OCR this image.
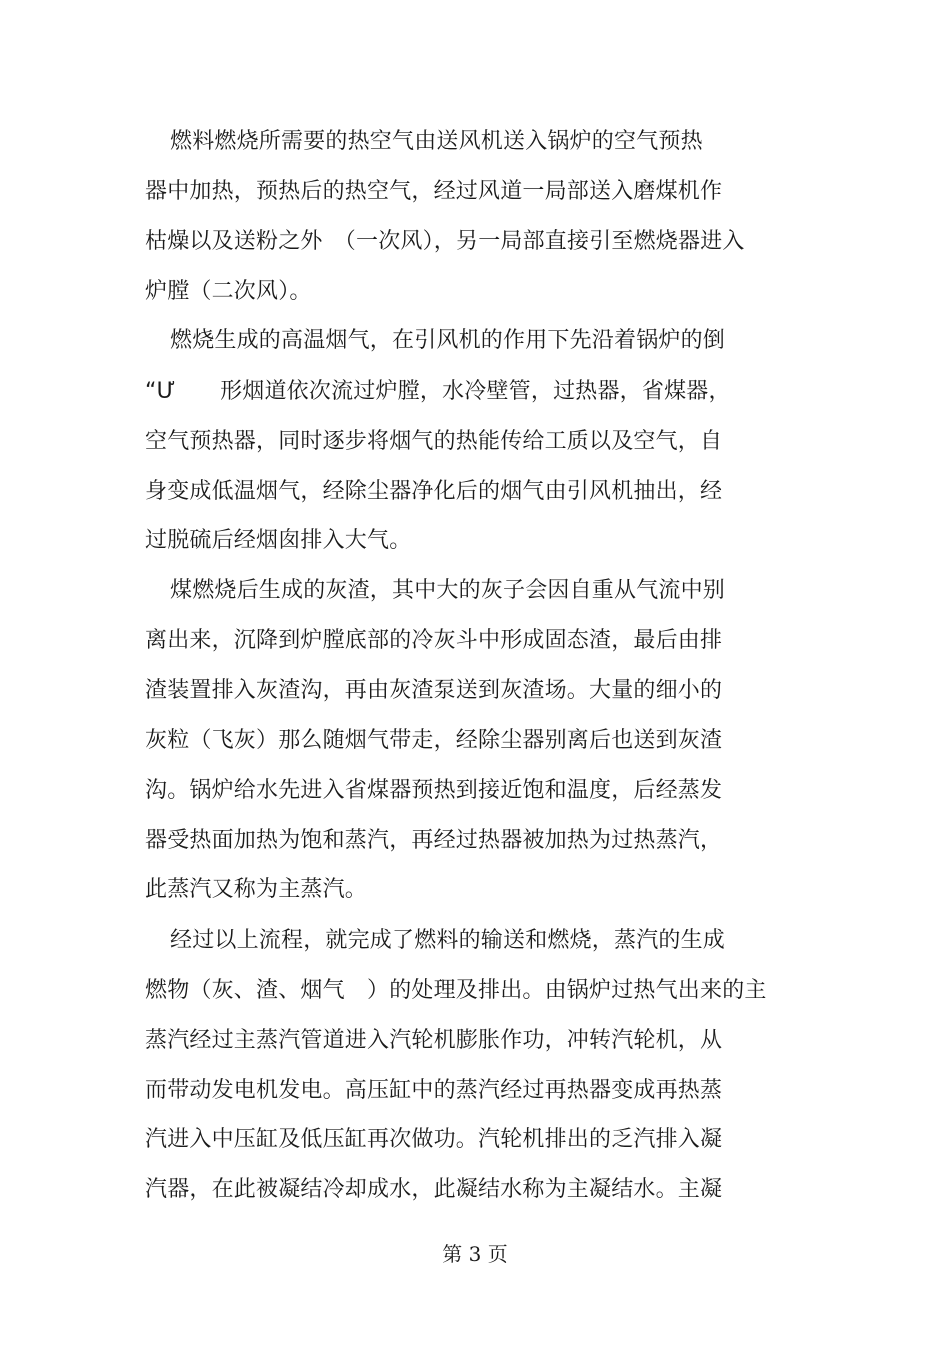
燃料燃烧所需要的热空气由送风机送入锅炉的空气预热

器中加热，预热后的热空气，经过风道一局部送入磨煤机作

枯燥以及送粉之外　（一次风），另一局部直接引至燃烧器进入

炉膛（二次风）。

燃烧生成的高温烟气，在引风机的作用下先沿着锅炉的倒

“Ư　　形烟道依次流过炉膛，水冷壁管，过热器，省煤器，

空气预热器，同时逐步将烟气的热能传给工质以及空气，自

身变成低温烟气，经除尘器净化后的烟气由引风机抽出，经

过脱硫后经烟囱排入大气。

煤燃烧后生成的灰渣，其中大的灰子会因自重从气流中别

离出来，沉降到炉膛底部的冷灰斗中形成固态渣，最后由排

渣装置排入灰渣沟，再由灰渣泵送到灰渣场。大量的细小的

灰粒（飞灰）那么随烟气带走，经除尘器别离后也送到灰渣

沟。锅炉给水先进入省煤器预热到接近饱和温度，后经蒸发

器受热面加热为饱和蒸汽，再经过热器被加热为过热蒸汽，

此蒸汽又称为主蒸汽。

经过以上流程，就完成了燃料的输送和燃烧，蒸汽的生成

燃物（灰、渣、烟气　）的处理及排出。由锅炉过热气出来的主

蒸汽经过主蒸汽管道进入汽轮机膨胀作功，冲转汽轮机，从

而带动发电机发电。高压缸中的蒸汽经过再热器变成再热蒸

汽进入中压缸及低压缸再次做功。汽轮机排出的乏汽排入凝

汽器，在此被凝结冷却成水，此凝结水称为主凝结水。主凝

第 3 页
